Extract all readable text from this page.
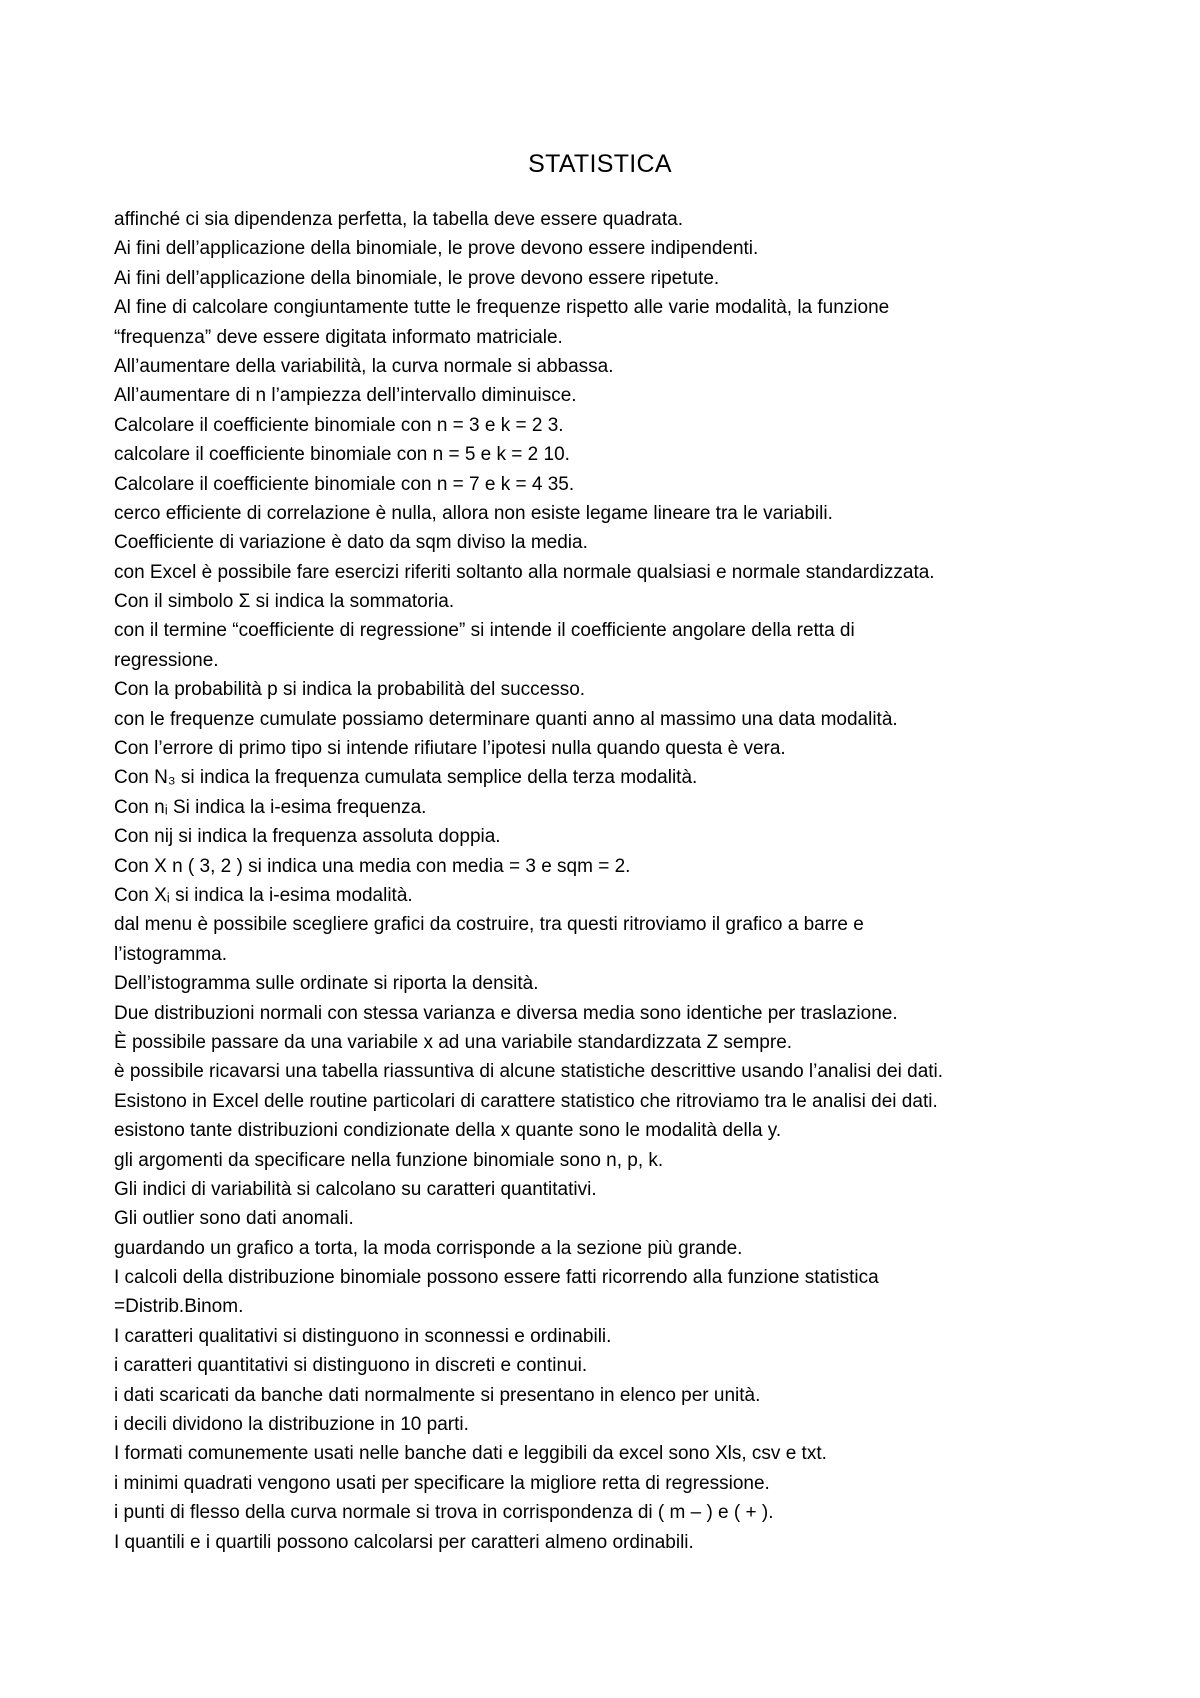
STATISTICA
affinché ci sia dipendenza perfetta, la tabella deve essere quadrata.
Ai fini dell’applicazione della binomiale, le prove devono essere indipendenti.
Ai fini dell’applicazione della binomiale, le prove devono essere ripetute.
Al fine di calcolare congiuntamente tutte le frequenze rispetto alle varie modalità, la funzione
“frequenza” deve essere digitata informato matriciale.
All’aumentare della variabilità, la curva normale si abbassa.
All’aumentare di n l’ampiezza dell’intervallo diminuisce.
Calcolare il coefficiente binomiale con n = 3 e k = 2 3.
calcolare il coefficiente binomiale con n = 5 e k = 2 10.
Calcolare il coefficiente binomiale con n = 7 e k = 4 35.
cerco efficiente di correlazione è nulla, allora non esiste legame lineare tra le variabili.
Coefficiente di variazione è dato da sqm diviso la media.
con Excel è possibile fare esercizi riferiti soltanto alla normale qualsiasi e normale standardizzata.
Con il simbolo Σ si indica la sommatoria.
con il termine “coefficiente di regressione” si intende il coefficiente angolare della retta di
regressione.
Con la probabilità p si indica la probabilità del successo.
con le frequenze cumulate possiamo determinare quanti anno al massimo una data modalità.
Con l’errore di primo tipo si intende rifiutare l’ipotesi nulla quando questa è vera.
Con N₃ si indica la frequenza cumulata semplice della terza modalità.
Con nᵢ Si indica la i-esima frequenza.
Con nij si indica la frequenza assoluta doppia.
Con X n ( 3, 2 ) si indica una media con media = 3 e sqm = 2.
Con Xᵢ si indica la i-esima modalità.
dal menu è possibile scegliere grafici da costruire, tra questi ritroviamo il grafico a barre e
l’istogramma.
Dell’istogramma sulle ordinate si riporta la densità.
Due distribuzioni normali con stessa varianza e diversa media sono identiche per traslazione.
È possibile passare da una variabile x ad una variabile standardizzata Z sempre.
è possibile ricavarsi una tabella riassuntiva di alcune statistiche descrittive usando l’analisi dei dati.
Esistono in Excel delle routine particolari di carattere statistico che ritroviamo tra le analisi dei dati.
esistono tante distribuzioni condizionate della x quante sono le modalità della y.
gli argomenti da specificare nella funzione binomiale sono n, p, k.
Gli indici di variabilità si calcolano su caratteri quantitativi.
Gli outlier sono dati anomali.
guardando un grafico a torta, la moda corrisponde a la sezione più grande.
I calcoli della distribuzione binomiale possono essere fatti ricorrendo alla funzione statistica
=Distrib.Binom.
I caratteri qualitativi si distinguono in sconnessi e ordinabili.
i caratteri quantitativi si distinguono in discreti e continui.
i dati scaricati da banche dati normalmente si presentano in elenco per unità.
i decili dividono la distribuzione in 10 parti.
I formati comunemente usati nelle banche dati e leggibili da excel sono Xls, csv e txt.
i minimi quadrati vengono usati per specificare la migliore retta di regressione.
i punti di flesso della curva normale si trova in corrispondenza di ( m – ) e ( + ).
I quantili e i quartili possono calcolarsi per caratteri almeno ordinabili.
